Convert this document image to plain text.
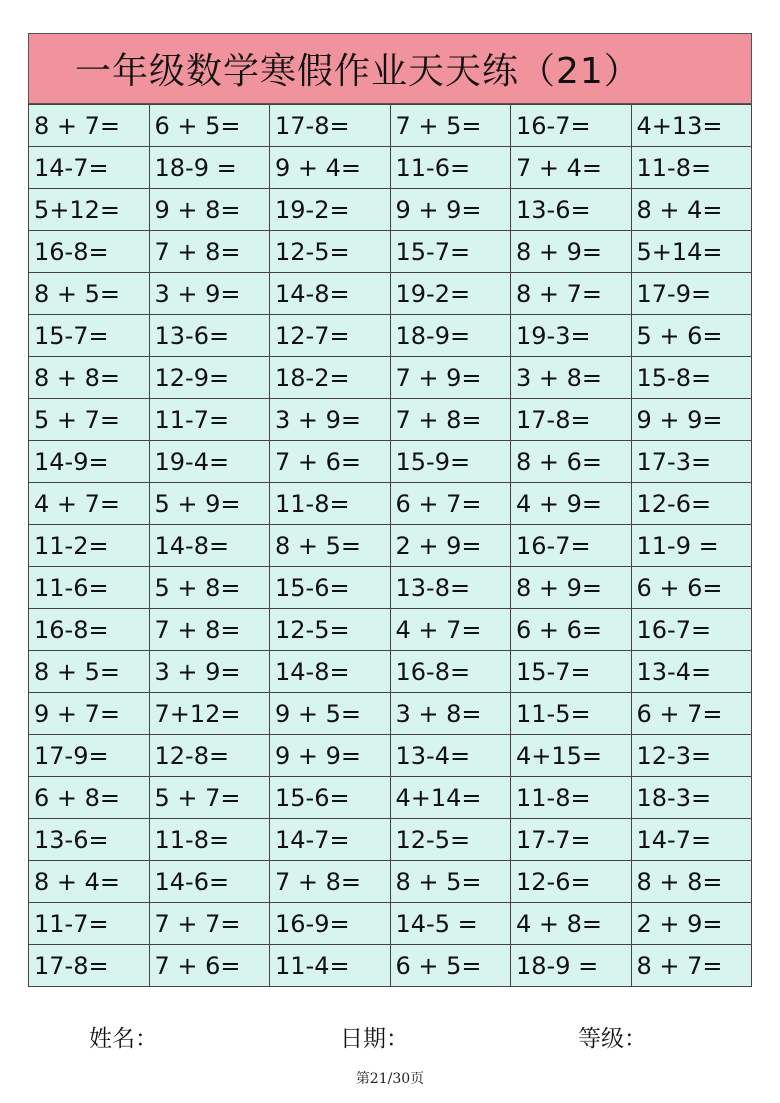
一年级数学寒假作业天天练（21）
8 + 7=	6 + 5=	17-8=	7 + 5=	16-7=	4+13=
14-7=	18-9 =	9 + 4=	11-6=	7 + 4=	11-8=
5+12=	9 + 8=	19-2=	9 + 9=	13-6=	8 + 4=
16-8=	7 + 8=	12-5=	15-7=	8 + 9=	5+14=
8 + 5=	3 + 9=	14-8=	19-2=	8 + 7=	17-9=
15-7=	13-6=	12-7=	18-9=	19-3=	5 + 6=
8 + 8=	12-9=	18-2=	7 + 9=	3 + 8=	15-8=
5 + 7=	11-7=	3 + 9=	7 + 8=	17-8=	9 + 9=
14-9=	19-4=	7 + 6=	15-9=	8 + 6=	17-3=
4 + 7=	5 + 9=	11-8=	6 + 7=	4 + 9=	12-6=
11-2=	14-8=	8 + 5=	2 + 9=	16-7=	11-9 =
11-6=	5 + 8=	15-6=	13-8=	8 + 9=	6 + 6=
16-8=	7 + 8=	12-5=	4 + 7=	6 + 6=	16-7=
8 + 5=	3 + 9=	14-8=	16-8=	15-7=	13-4=
9 + 7=	7+12=	9 + 5=	3 + 8=	11-5=	6 + 7=
17-9=	12-8=	9 + 9=	13-4=	4+15=	12-3=
6 + 8=	5 + 7=	15-6=	4+14=	11-8=	18-3=
13-6=	11-8=	14-7=	12-5=	17-7=	14-7=
8 + 4=	14-6=	7 + 8=	8 + 5=	12-6=	8 + 8=
11-7=	7 + 7=	16-9=	14-5 =	4 + 8=	2 + 9=
17-8=	7 + 6=	11-4=	6 + 5=	18-9 =	8 + 7=
姓名：	日期：	等级：
第21/30页
